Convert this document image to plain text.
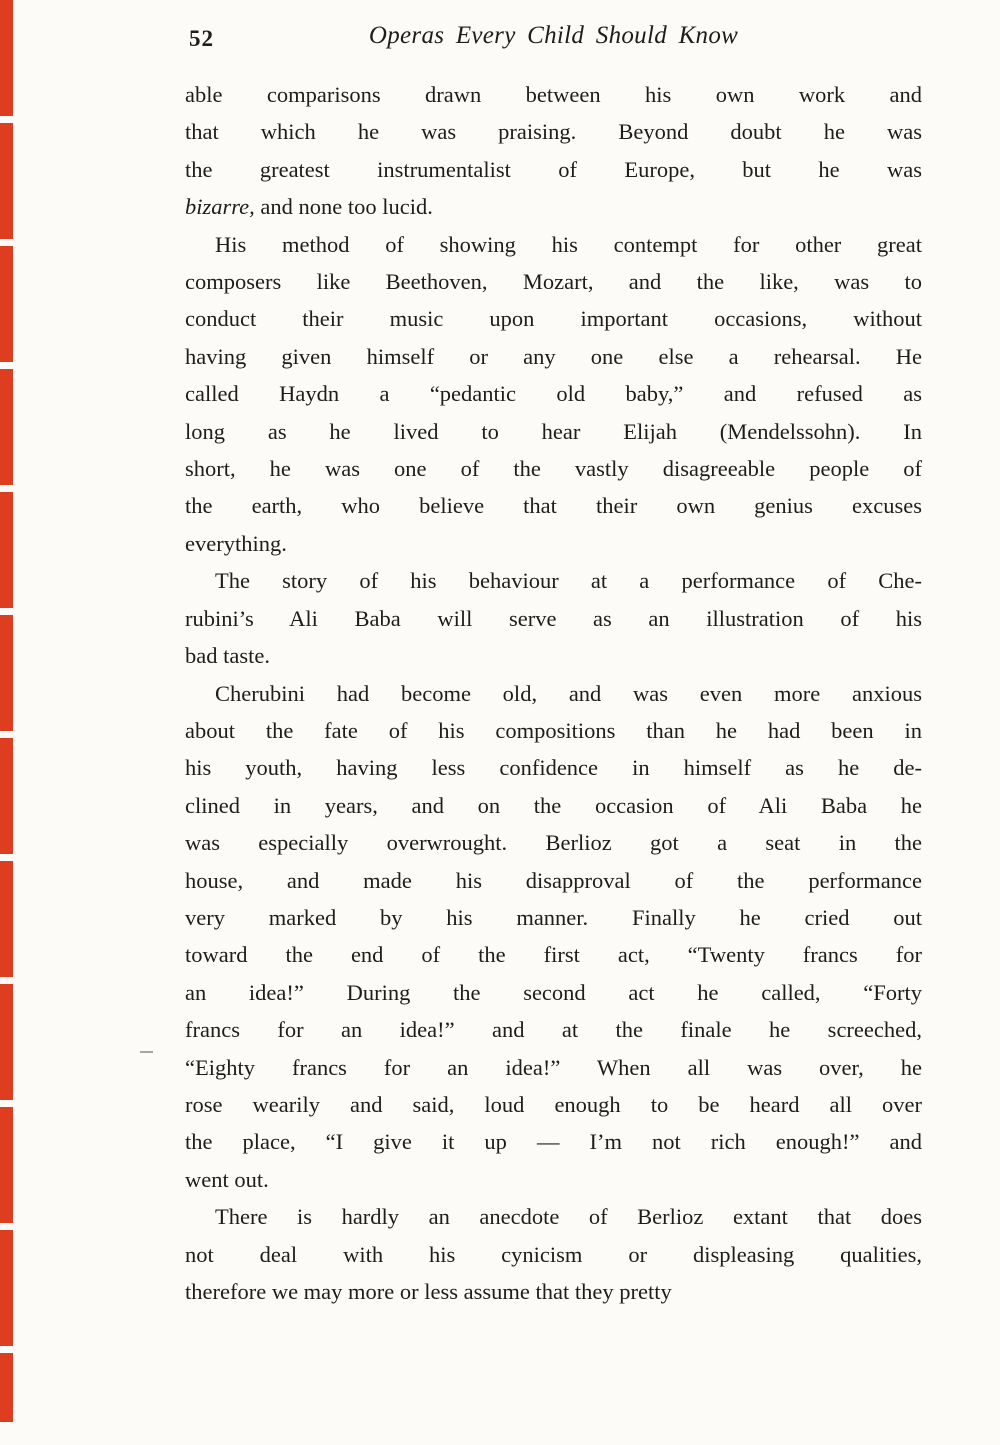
52	Operas Every Child Should Know
able comparisons drawn between his own work and
that which he was praising. Beyond doubt he was
the greatest instrumentalist of Europe, but he was
bizarre, and none too lucid.
His method of showing his contempt for other great
composers like Beethoven, Mozart, and the like, was to
conduct their music upon important occasions, without
having given himself or any one else a rehearsal. He
called Haydn a “pedantic old baby,” and refused as
long as he lived to hear Elijah (Mendelssohn). In
short, he was one of the vastly disagreeable people of
the earth, who believe that their own genius excuses
everything.
The story of his behaviour at a performance of Che-
rubini’s Ali Baba will serve as an illustration of his
bad taste.
Cherubini had become old, and was even more anxious
about the fate of his compositions than he had been in
his youth, having less confidence in himself as he de-
clined in years, and on the occasion of Ali Baba he
was especially overwrought. Berlioz got a seat in the
house, and made his disapproval of the performance
very marked by his manner. Finally he cried out
toward the end of the first act, “Twenty francs for
an idea!” During the second act he called, “Forty
francs for an idea!” and at the finale he screeched,
“Eighty francs for an idea!” When all was over, he
rose wearily and said, loud enough to be heard all over
the place, “I give it up — I’m not rich enough!” and
went out.
There is hardly an anecdote of Berlioz extant that does
not deal with his cynicism or displeasing qualities,
therefore we may more or less assume that they pretty
